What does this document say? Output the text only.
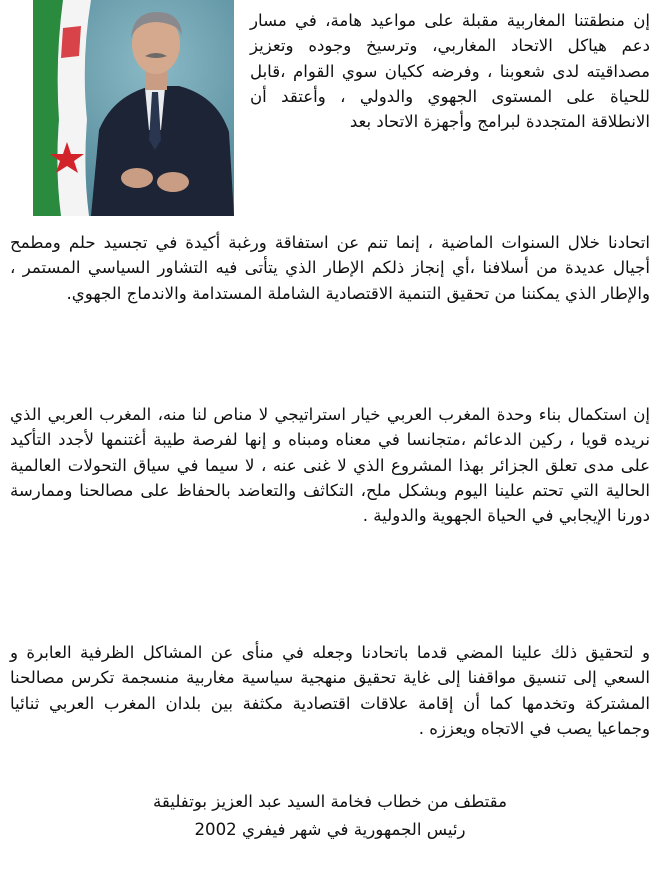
إن منطقتنا المغاربية مقبلة على مواعيد هامة، في مسار دعم هياكل الاتحاد المغاربي، وترسيخ وجوده وتعزيز مصداقيته لدى شعوبنا ، وفرضه ككيان سوي القوام ،قابل للحياة على المستوى الجهوي والدولي ، وأعتقد أن الانطلاقة المتجددة لبرامج وأجهزة الاتحاد بعد

اتحادنا خلال السنوات الماضية ، إنما تنم عن استفاقة ورغبة أكيدة في تجسيد حلم ومطمح أجيال عديدة من أسلافنا ،أي إنجاز ذلكم الإطار الذي يتأتى فيه التشاور السياسي المستمر ، والإطار الذي يمكننا من تحقيق التنمية الاقتصادية الشاملة المستدامة والاندماج الجهوي.

إن استكمال بناء وحدة المغرب العربي خيار استراتيجي لا مناص لنا منه، المغرب العربي الذي نريده قويا ، ركين الدعائم ،متجانسا في معناه ومبناه و إنها لفرصة طيبة أغتنمها لأجدد التأكيد على مدى تعلق الجزائر بهذا المشروع الذي لا غنى عنه ، لا سيما في سياق التحولات العالمية الحالية التي تحتم علينا اليوم وبشكل ملح، التكاثف والتعاضد بالحفاظ على مصالحنا وممارسة دورنا الإيجابي في الحياة الجهوية والدولية .

و لتحقيق ذلك علينا المضي قدما باتحادنا وجعله في منأى عن المشاكل الظرفية العابرة و السعي إلى تنسيق مواقفنا إلى غاية تحقيق منهجية سياسية مغاربية منسجمة تكرس مصالحنا المشتركة وتخدمها كما أن إقامة علاقات اقتصادية مكثفة بين بلدان المغرب العربي ثنائيا وجماعيا يصب في الاتجاه ويعززه .

مقتطف من خطاب فخامة السيد عبد العزيز بوتفليقة
رئيس الجمهورية في شهر فيفري 2002
